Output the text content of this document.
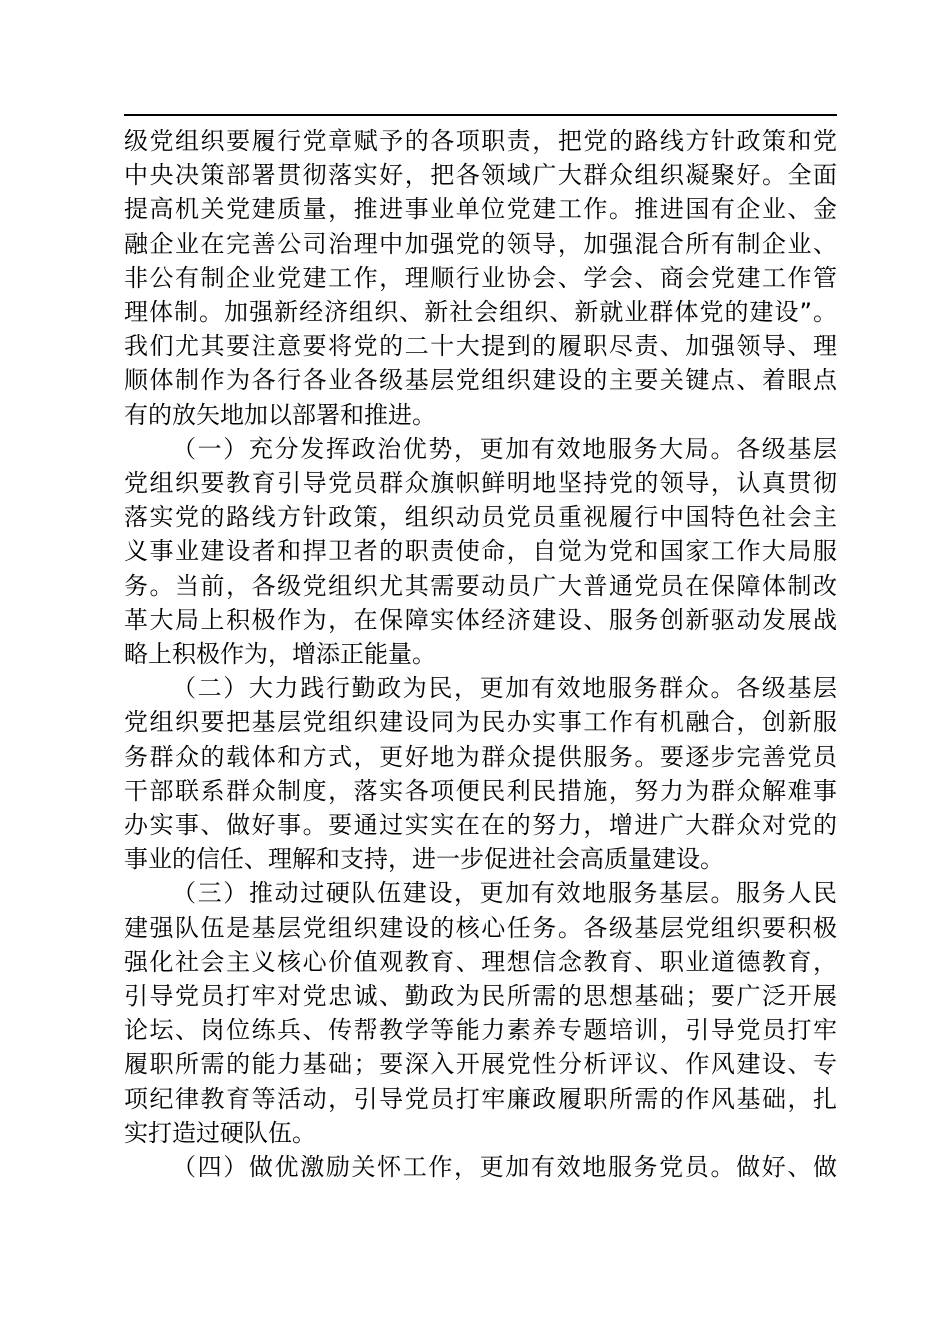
级党组织要履行党章赋予的各项职责，把党的路线方针政策和党
中央决策部署贯彻落实好，把各领域广大群众组织凝聚好。全面
提高机关党建质量，推进事业单位党建工作。推进国有企业、金
融企业在完善公司治理中加强党的领导，加强混合所有制企业、
非公有制企业党建工作，理顺行业协会、学会、商会党建工作管
理体制。加强新经济组织、新社会组织、新就业群体党的建设”。
我们尤其要注意要将党的二十大提到的履职尽责、加强领导、理
顺体制作为各行各业各级基层党组织建设的主要关键点、着眼点
有的放矢地加以部署和推进。
（一）充分发挥政治优势，更加有效地服务大局。各级基层
党组织要教育引导党员群众旗帜鲜明地坚持党的领导，认真贯彻
落实党的路线方针政策，组织动员党员重视履行中国特色社会主
义事业建设者和捍卫者的职责使命，自觉为党和国家工作大局服
务。当前，各级党组织尤其需要动员广大普通党员在保障体制改
革大局上积极作为，在保障实体经济建设、服务创新驱动发展战
略上积极作为，增添正能量。
（二）大力践行勤政为民，更加有效地服务群众。各级基层
党组织要把基层党组织建设同为民办实事工作有机融合，创新服
务群众的载体和方式，更好地为群众提供服务。要逐步完善党员
干部联系群众制度，落实各项便民利民措施，努力为群众解难事
办实事、做好事。要通过实实在在的努力，增进广大群众对党的
事业的信任、理解和支持，进一步促进社会高质量建设。
（三）推动过硬队伍建设，更加有效地服务基层。服务人民
建强队伍是基层党组织建设的核心任务。各级基层党组织要积极
强化社会主义核心价值观教育、理想信念教育、职业道德教育，
引导党员打牢对党忠诚、勤政为民所需的思想基础；要广泛开展
论坛、岗位练兵、传帮教学等能力素养专题培训，引导党员打牢
履职所需的能力基础；要深入开展党性分析评议、作风建设、专
项纪律教育等活动，引导党员打牢廉政履职所需的作风基础，扎
实打造过硬队伍。
（四）做优激励关怀工作，更加有效地服务党员。做好、做
